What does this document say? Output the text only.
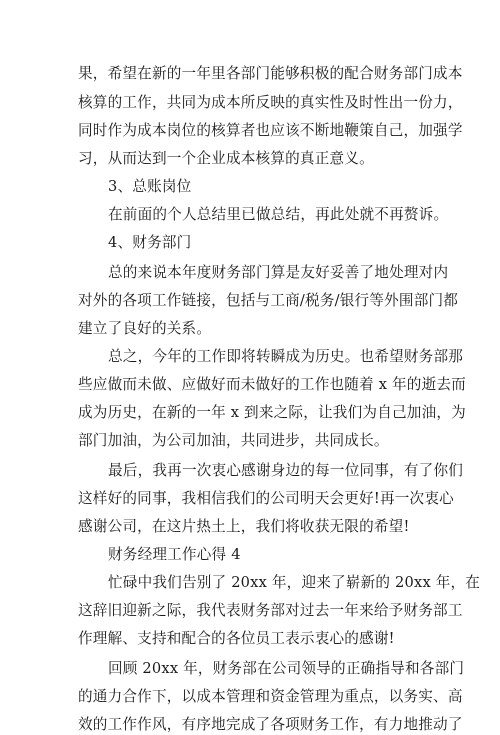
果，希望在新的一年里各部门能够积极的配合财务部门成本
核算的工作，共同为成本所反映的真实性及时性出一份力，
同时作为成本岗位的核算者也应该不断地鞭策自己，加强学
习，从而达到一个企业成本核算的真正意义。
3、总账岗位
在前面的个人总结里已做总结，再此处就不再赘诉。
4、财务部门
总的来说本年度财务部门算是友好妥善了地处理对内
对外的各项工作链接，包括与工商/税务/银行等外围部门都
建立了良好的关系。
总之，今年的工作即将转瞬成为历史。也希望财务部那
些应做而未做、应做好而未做好的工作也随着 x 年的逝去而
成为历史，在新的一年 x 到来之际，让我们为自己加油，为
部门加油，为公司加油，共同进步，共同成长。
最后，我再一次衷心感谢身边的每一位同事，有了你们
这样好的同事，我相信我们的公司明天会更好!再一次衷心
感谢公司，在这片热土上，我们将收获无限的希望!
财务经理工作心得 4
忙碌中我们告别了 20xx 年，迎来了崭新的 20xx 年，在
这辞旧迎新之际，我代表财务部对过去一年来给予财务部工
作理解、支持和配合的各位员工表示衷心的感谢!
回顾 20xx 年，财务部在公司领导的正确指导和各部门
的通力合作下，以成本管理和资金管理为重点，以务实、高
效的工作作风，有序地完成了各项财务工作，有力地推动了
